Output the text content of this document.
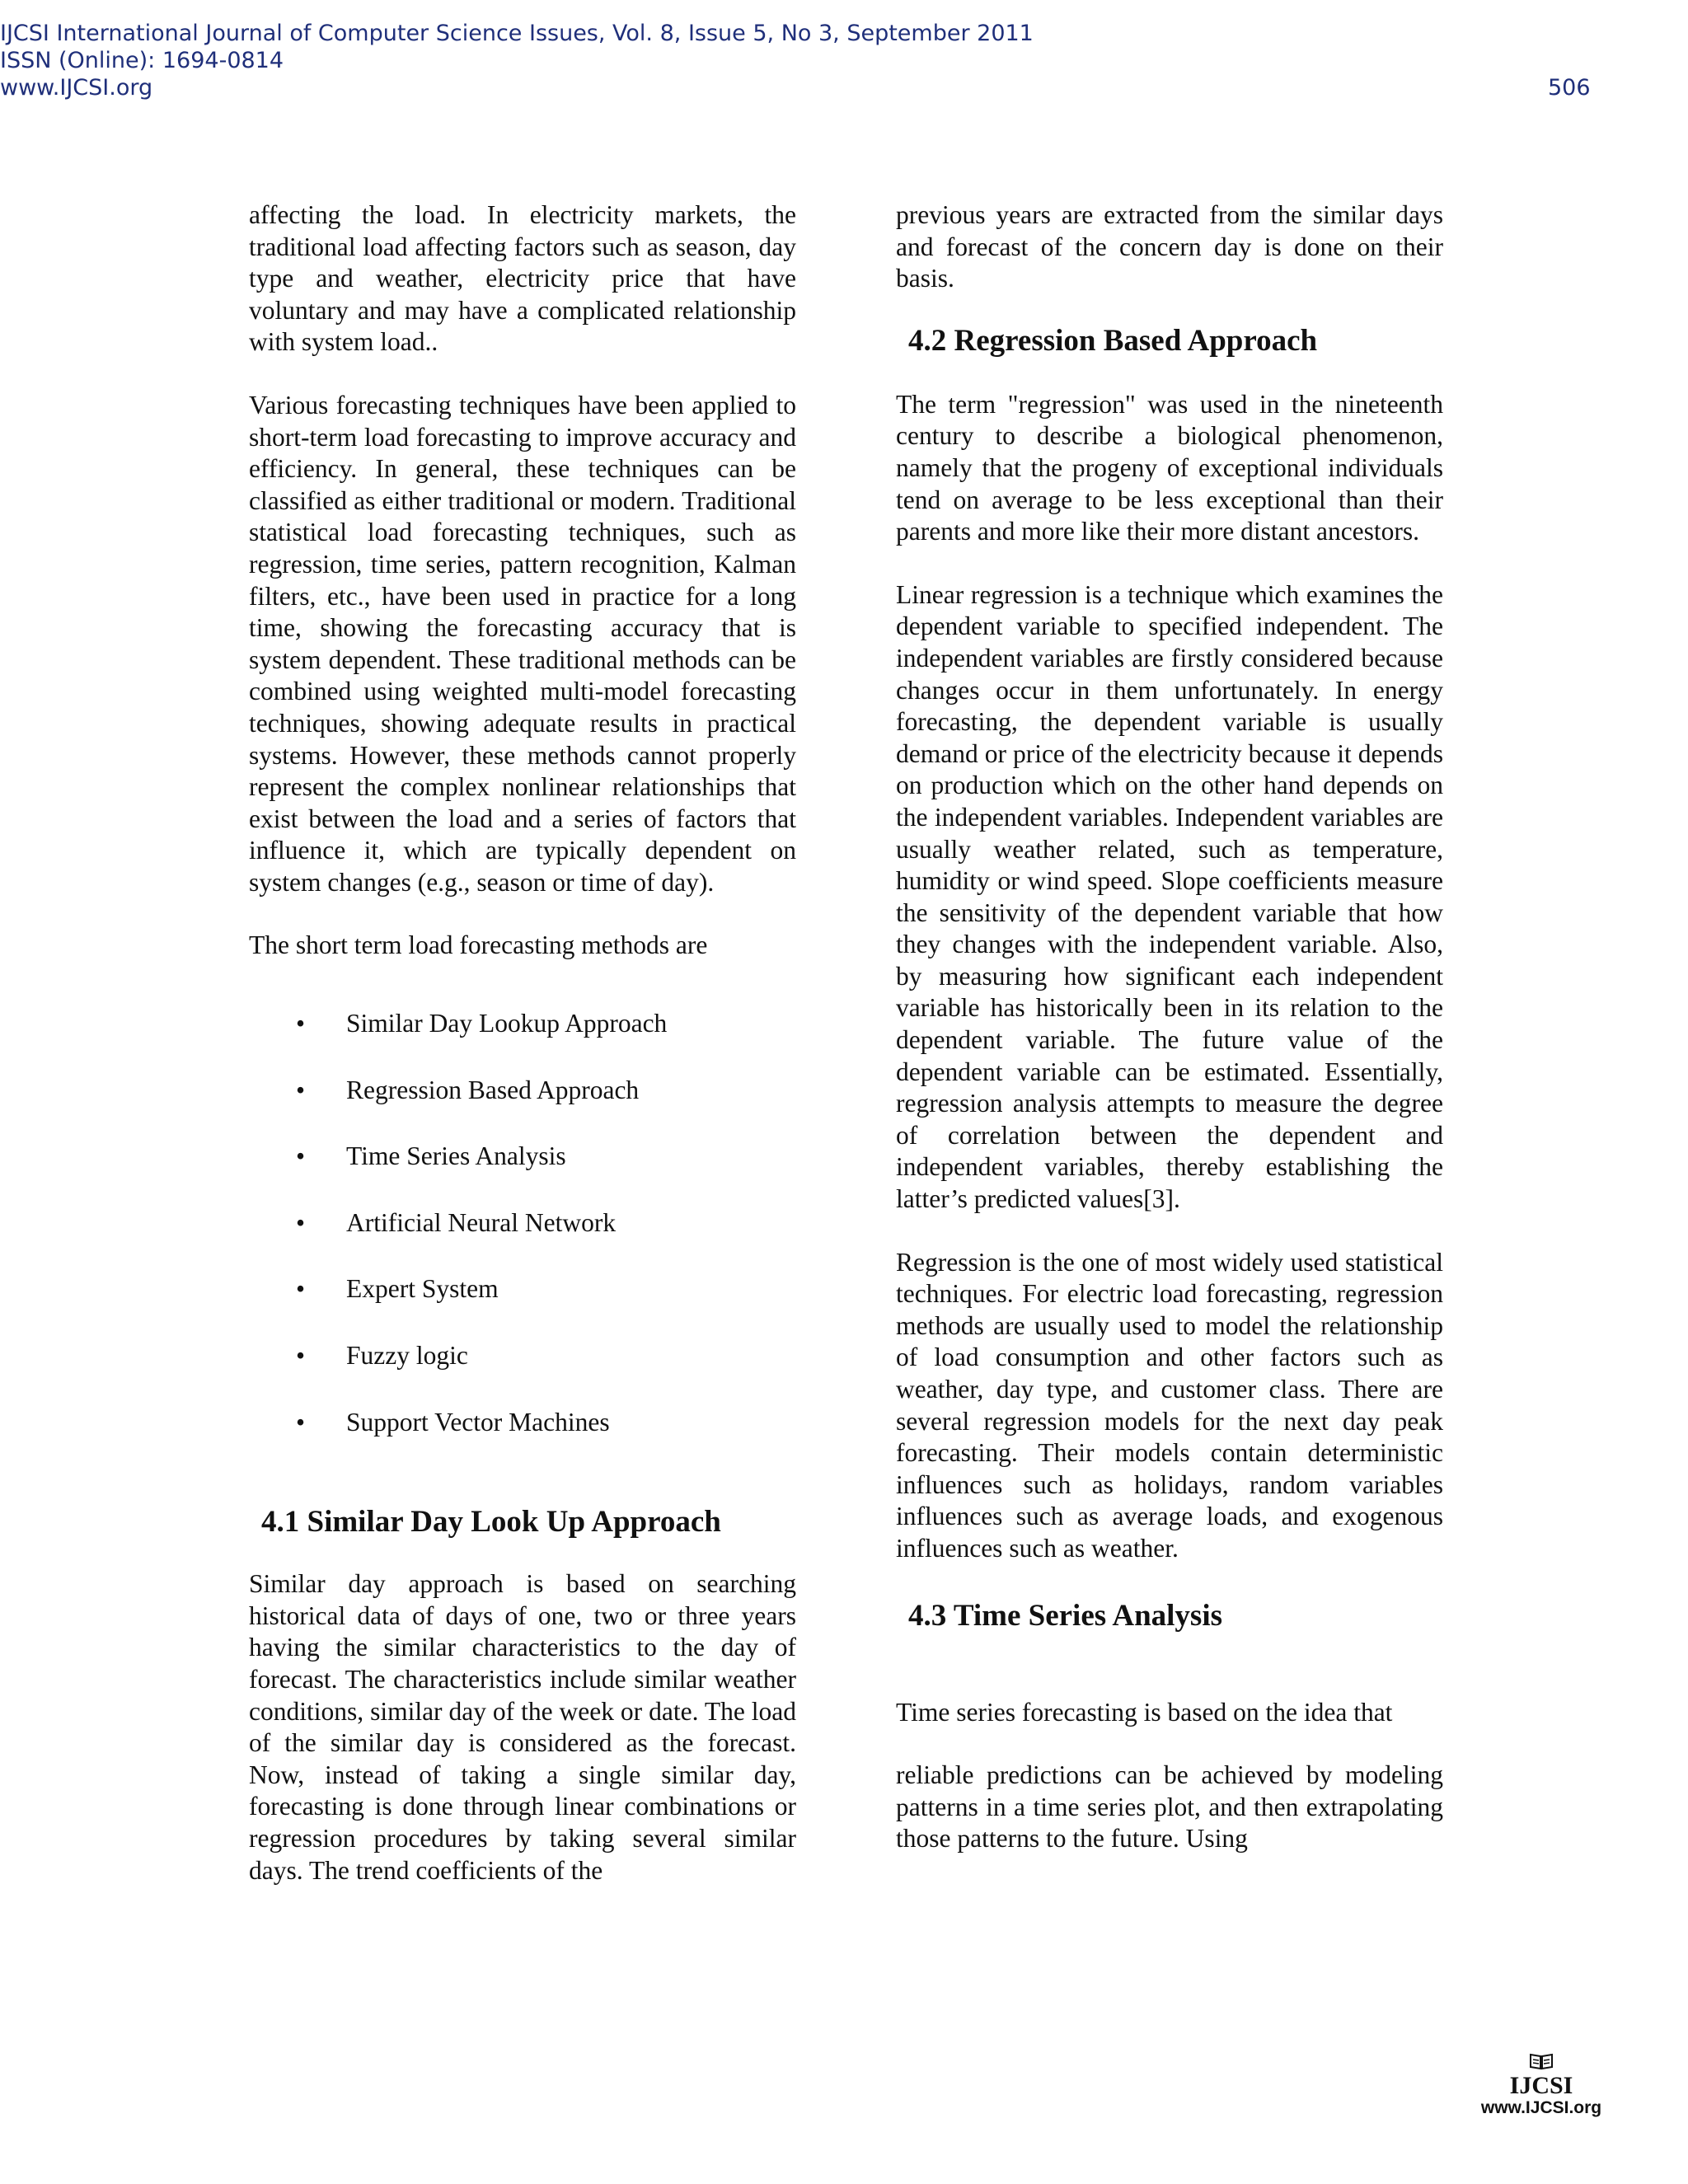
IJCSI International Journal of Computer Science Issues, Vol. 8, Issue 5, No 3, September 2011
ISSN (Online): 1694-0814
www.IJCSI.org	506

affecting the load. In electricity markets, the traditional load affecting factors such as season, day type and weather, electricity price that have voluntary and may have a complicated relationship with system load..

Various forecasting techniques have been applied to short-term load forecasting to improve accuracy and efficiency. In general, these techniques can be classified as either traditional or modern. Traditional statistical load forecasting techniques, such as regression, time series, pattern recognition, Kalman filters, etc., have been used in practice for a long time, showing the forecasting accuracy that is system dependent. These traditional methods can be combined using weighted multi-model forecasting techniques, showing adequate results in practical systems. However, these methods cannot properly represent the complex nonlinear relationships that exist between the load and a series of factors that influence it, which are typically dependent on system changes (e.g., season or time of day).

The short term load forecasting methods are

• Similar Day Lookup Approach
• Regression Based Approach
• Time Series Analysis
• Artificial Neural Network
• Expert System
• Fuzzy logic
• Support Vector Machines
4.1 Similar Day Look Up Approach

Similar day approach is based on searching historical data of days of one, two or three years having the similar characteristics to the day of forecast. The characteristics include similar weather conditions, similar day of the week or date. The load of the similar day is considered as the forecast. Now, instead of taking a single similar day, forecasting is done through linear combinations or regression procedures by taking several similar days. The trend coefficients of the

previous years are extracted from the similar days and forecast of the concern day is done on their basis.

4.2 Regression Based Approach

The term "regression" was used in the nineteenth century to describe a biological phenomenon, namely that the progeny of exceptional individuals tend on average to be less exceptional than their parents and more like their more distant ancestors.

Linear regression is a technique which examines the dependent variable to specified independent. The independent variables are firstly considered because changes occur in them unfortunately. In energy forecasting, the dependent variable is usually demand or price of the electricity because it depends on production which on the other hand depends on the independent variables. Independent variables are usually weather related, such as temperature, humidity or wind speed. Slope coefficients measure the sensitivity of the dependent variable that how they changes with the independent variable. Also, by measuring how significant each independent variable has historically been in its relation to the dependent variable. The future value of the dependent variable can be estimated. Essentially, regression analysis attempts to measure the degree of correlation between the dependent and independent variables, thereby establishing the latter’s predicted values[3].

Regression is the one of most widely used statistical techniques. For electric load forecasting, regression methods are usually used to model the relationship of load consumption and other factors such as weather, day type, and customer class. There are several regression models for the next day peak forecasting. Their models contain deterministic influences such as holidays, random variables influences such as average loads, and exogenous influences such as weather.

4.3 Time Series Analysis

Time series forecasting is based on the idea that

reliable predictions can be achieved by modeling patterns in a time series plot, and then extrapolating those patterns to the future. Using

IJCSI
www.IJCSI.org
